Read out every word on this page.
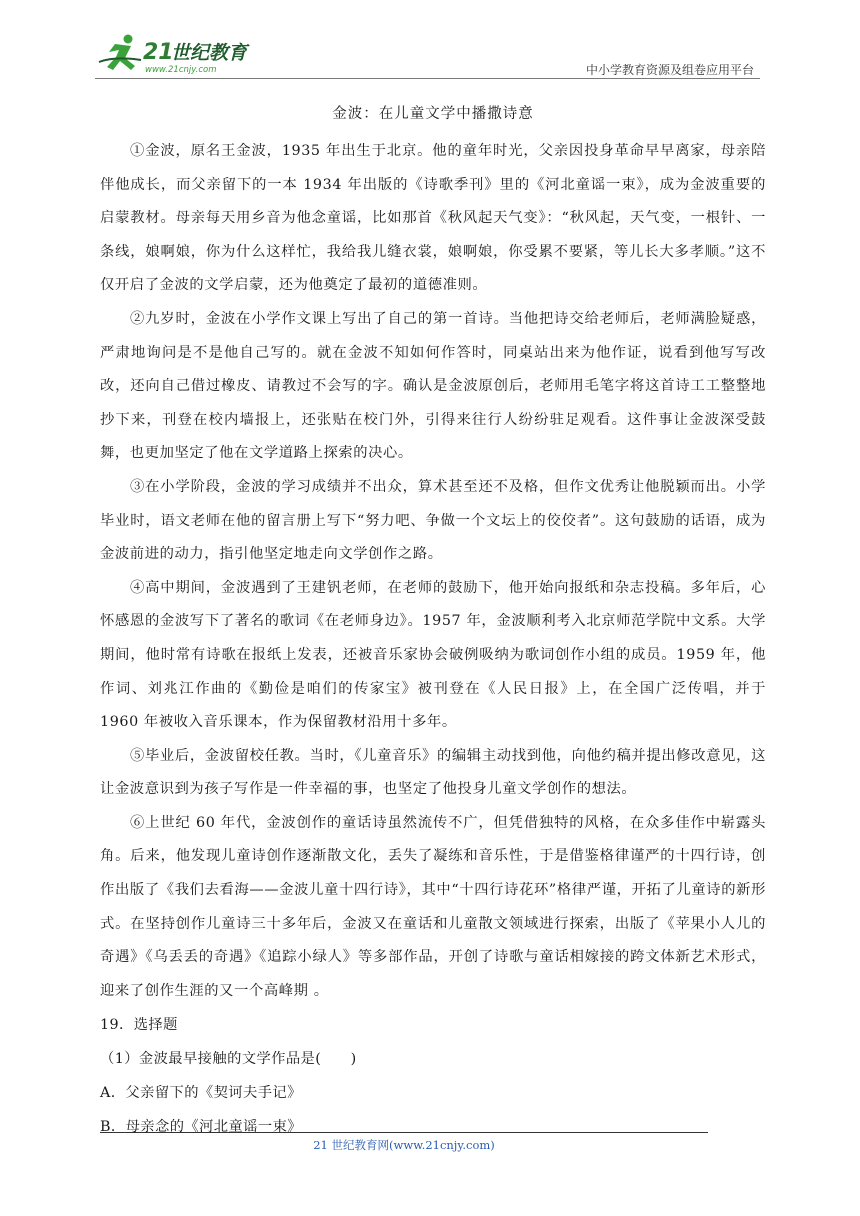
21
世纪教育
www.21cnjy.com	中小学教育资源及组卷应用平台
金波：在儿童文学中播撒诗意

①金波，原名王金波，1935 年出生于北京。他的童年时光，父亲因投身革命早早离家，母亲陪伴他成长，而父亲留下的一本 1934 年出版的《诗歌季刊》里的《河北童谣一束》，成为金波重要的启蒙教材。母亲每天用乡音为他念童谣，比如那首《秋风起天气变》：“秋风起，天气变，一根针、一条线，娘啊娘，你为什么这样忙，我给我儿缝衣裳，娘啊娘，你受累不要紧，等儿长大多孝顺。”这不仅开启了金波的文学启蒙，还为他奠定了最初的道德准则。

②九岁时，金波在小学作文课上写出了自己的第一首诗。当他把诗交给老师后，老师满脸疑惑，严肃地询问是不是他自己写的。就在金波不知如何作答时，同桌站出来为他作证，说看到他写写改改，还向自己借过橡皮、请教过不会写的字。确认是金波原创后，老师用毛笔字将这首诗工工整整地抄下来，刊登在校内墙报上，还张贴在校门外，引得来往行人纷纷驻足观看。这件事让金波深受鼓舞，也更加坚定了他在文学道路上探索的决心。

③在小学阶段，金波的学习成绩并不出众，算术甚至还不及格，但作文优秀让他脱颖而出。小学毕业时，语文老师在他的留言册上写下“努力吧、争做一个文坛上的佼佼者”。这句鼓励的话语，成为金波前进的动力，指引他坚定地走向文学创作之路。

④高中期间，金波遇到了王建钒老师，在老师的鼓励下，他开始向报纸和杂志投稿。多年后，心怀感恩的金波写下了著名的歌词《在老师身边》。1957 年，金波顺利考入北京师范学院中文系。大学期间，他时常有诗歌在报纸上发表，还被音乐家协会破例吸纳为歌词创作小组的成员。1959 年，他作词、刘兆江作曲的《勤俭是咱们的传家宝》被刊登在《人民日报》上，在全国广泛传唱，并于 1960 年被收入音乐课本，作为保留教材沿用十多年。

⑤毕业后，金波留校任教。当时，《儿童音乐》的编辑主动找到他，向他约稿并提出修改意见，这让金波意识到为孩子写作是一件幸福的事，也坚定了他投身儿童文学创作的想法。

⑥上世纪 60 年代，金波创作的童话诗虽然流传不广，但凭借独特的风格，在众多佳作中崭露头角。后来，他发现儿童诗创作逐渐散文化，丢失了凝练和音乐性，于是借鉴格律谨严的十四行诗，创作出版了《我们去看海——金波儿童十四行诗》，其中“十四行诗花环”格律严谨，开拓了儿童诗的新形式。在坚持创作儿童诗三十多年后，金波又在童话和儿童散文领域进行探索，出版了《苹果小人儿的奇遇》《乌丢丢的奇遇》《追踪小绿人》等多部作品，开创了诗歌与童话相嫁接的跨文体新艺术形式，迎来了创作生涯的又一个高峰期 。

19．选择题

（1）金波最早接触的文学作品是(　　)

A．父亲留下的《契诃夫手记》

B．母亲念的《河北童谣一束》

21 世纪教育网(www.21cnjy.com)
